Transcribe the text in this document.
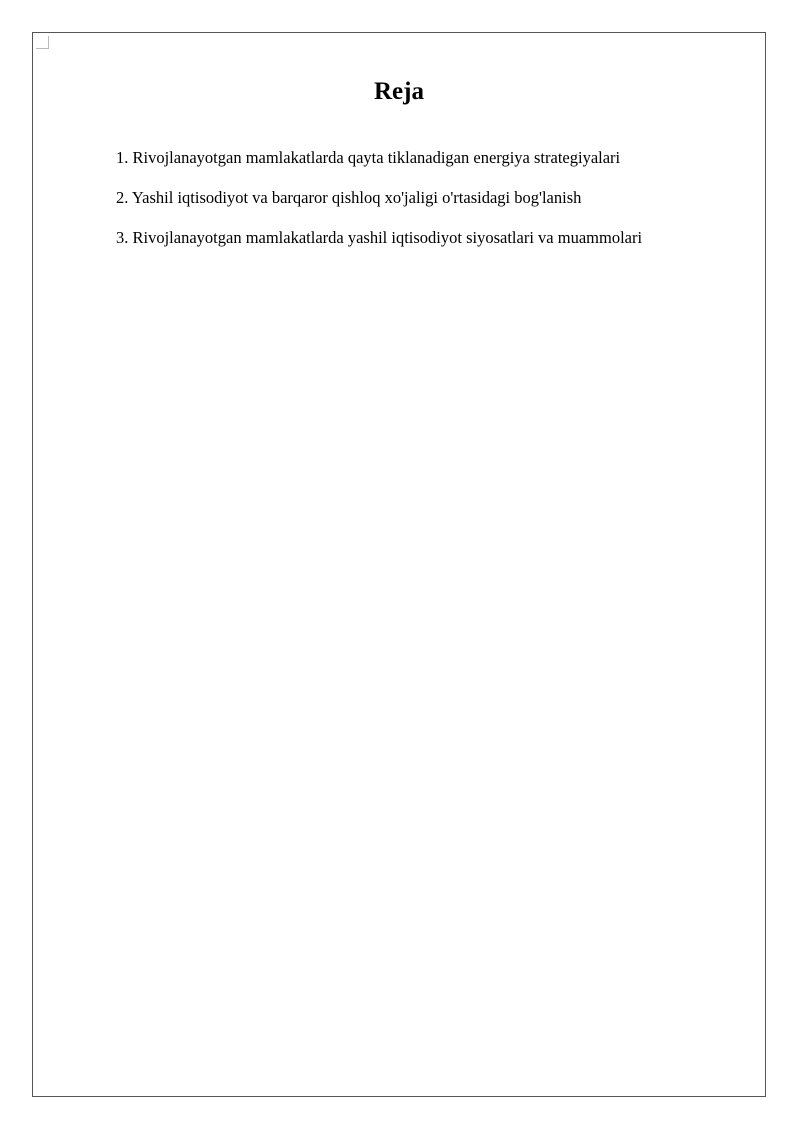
Reja
1. Rivojlanayotgan mamlakatlarda qayta tiklanadigan energiya strategiyalari
2. Yashil iqtisodiyot va barqaror qishloq xo'jaligi o'rtasidagi bog'lanish
3. Rivojlanayotgan mamlakatlarda yashil iqtisodiyot siyosatlari va muammolari
